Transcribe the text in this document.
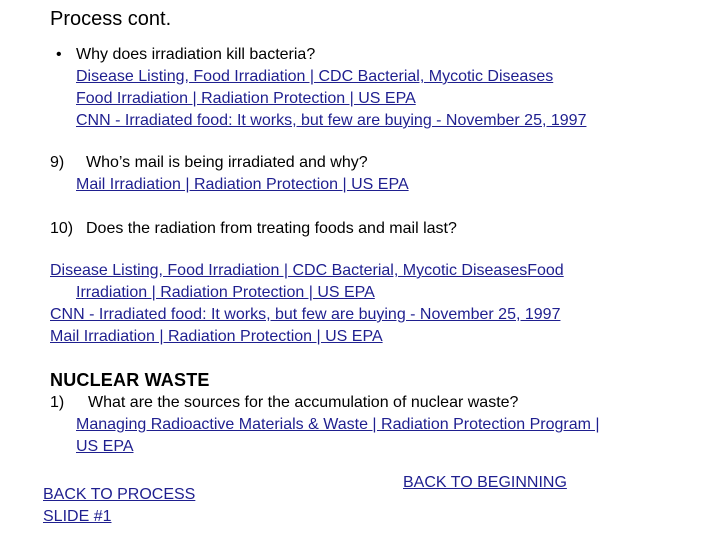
Process cont.
• Why does irradiation kill bacteria?
Disease Listing, Food Irradiation | CDC Bacterial, Mycotic Diseases
Food Irradiation | Radiation Protection | US EPA
CNN - Irradiated food: It works, but few are buying - November 25, 1997
9) Who’s mail is being irradiated and why?
Mail Irradiation | Radiation Protection | US EPA
10) Does the radiation from treating foods and mail last?
Disease Listing, Food Irradiation | CDC Bacterial, Mycotic DiseasesFood
Irradiation | Radiation Protection | US EPA
CNN - Irradiated food: It works, but few are buying - November 25, 1997
Mail Irradiation | Radiation Protection | US EPA
NUCLEAR WASTE
1) What are the sources for the accumulation of nuclear waste?
Managing Radioactive Materials & Waste | Radiation Protection Program |
US EPA
BACK TO PROCESS
SLIDE #1
BACK TO BEGINNING
